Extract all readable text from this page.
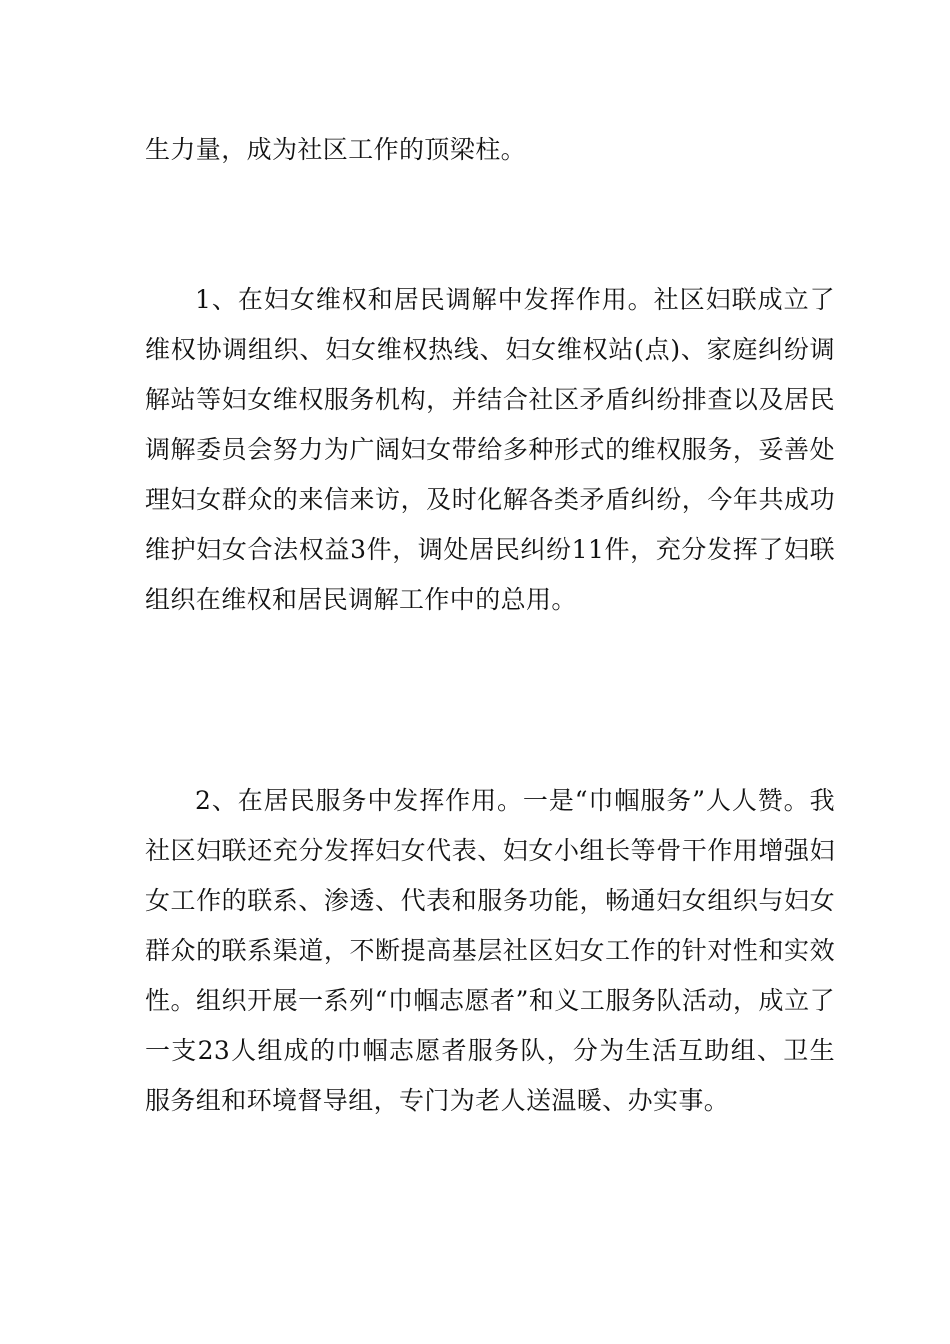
生力量，成为社区工作的顶梁柱。

1、在妇女维权和居民调解中发挥作用。社区妇联成立了维权协调组织、妇女维权热线、妇女维权站(点)、家庭纠纷调解站等妇女维权服务机构，并结合社区矛盾纠纷排查以及居民调解委员会努力为广阔妇女带给多种形式的维权服务，妥善处理妇女群众的来信来访，及时化解各类矛盾纠纷，今年共成功维护妇女合法权益3件，调处居民纠纷11件，充分发挥了妇联组织在维权和居民调解工作中的总用。

2、在居民服务中发挥作用。一是“巾帼服务”人人赞。我社区妇联还充分发挥妇女代表、妇女小组长等骨干作用增强妇女工作的联系、渗透、代表和服务功能，畅通妇女组织与妇女群众的联系渠道，不断提高基层社区妇女工作的针对性和实效性。组织开展一系列“巾帼志愿者”和义工服务队活动，成立了一支23人组成的巾帼志愿者服务队，分为生活互助组、卫生服务组和环境督导组，专门为老人送温暖、办实事。
